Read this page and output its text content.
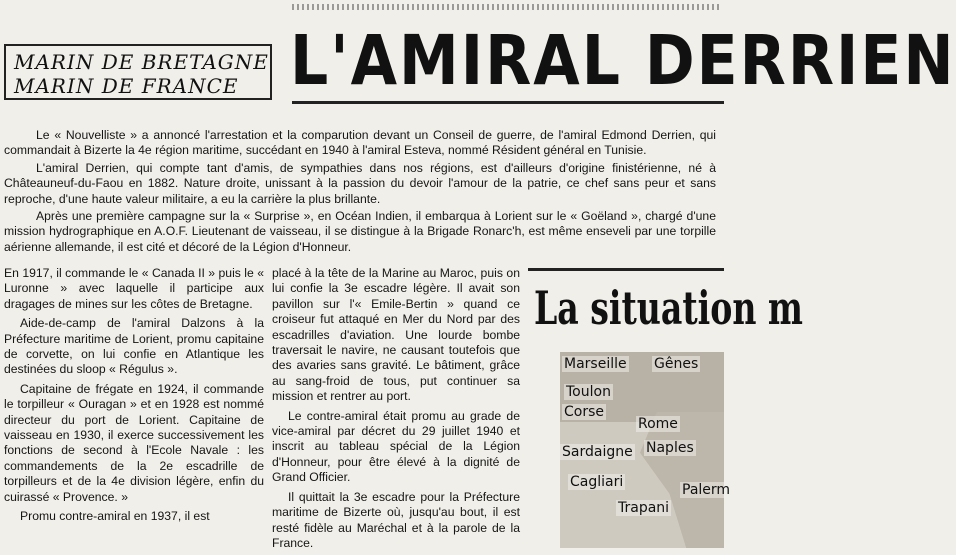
MARIN DE BRETAGNE
MARIN DE FRANCE L'AMIRAL DERRIEN

Le « Nouvelliste » a annoncé l'arrestation et la comparution devant un Conseil de guerre, de l'amiral Edmond Derrien, qui commandait à Bizerte la 4e région maritime, succédant en 1940 à l'amiral Esteva, nommé Résident général en Tunisie.

L'amiral Derrien, qui compte tant d'amis, de sympathies dans nos régions, est d'ailleurs d'origine finistérienne, né à Châteauneuf-du-Faou en 1882. Nature droite, unissant à la passion du devoir l'amour de la patrie, ce chef sans peur et sans reproche, d'une haute valeur militaire, a eu la carrière la plus brillante.

Après une première campagne sur la « Surprise », en Océan Indien, il embarqua à Lorient sur le « Goëland », chargé d'une mission hydrographique en A.O.F. Lieutenant de vaisseau, il se distingue à la Brigade Ronarc'h, est même enseveli par une torpille aérienne allemande, il est cité et décoré de la Légion d'Honneur.

En 1917, il commande le « Canada II » puis le « Luronne » avec laquelle il participe aux dragages de mines sur les côtes de Bretagne.

Aide-de-camp de l'amiral Dalzons à la Préfecture maritime de Lorient, promu capitaine de corvette, on lui confie en Atlantique les destinées du sloop « Régulus ».

Capitaine de frégate en 1924, il commande le torpilleur « Ouragan » et en 1928 est nommé directeur du port de Lorient. Capitaine de vaisseau en 1930, il exerce successivement les fonctions de second à l'Ecole Navale : les commandements de la 2e escadrille de torpilleurs et de la 4e division légère, enfin du cuirassé « Provence. »

Promu contre-amiral en 1937, il est

placé à la tête de la Marine au Maroc, puis on lui confie la 3e escadre légère. Il avait son pavillon sur l'« Emile-Bertin » quand ce croiseur fut attaqué en Mer du Nord par des escadrilles d'aviation. Une lourde bombe traversait le navire, ne causant toutefois que des avaries sans gravité. Le bâtiment, grâce au sang-froid de tous, put continuer sa mission et rentrer au port.

Le contre-amiral était promu au grade de vice-amiral par décret du 29 juillet 1940 et inscrit au tableau spécial de la Légion d'Honneur, pour être élevé à la dignité de Grand Officier.

Il quittait la 3e escadre pour la Préfecture maritime de Bizerte où, jusqu'au bout, il est resté fidèle au Maréchal et à la parole de la France.

La situation m
Marseille Gênes
Toulon
Corse
Rome
Naples
Sardaigne
Cagliari	Palerm
Trapani
